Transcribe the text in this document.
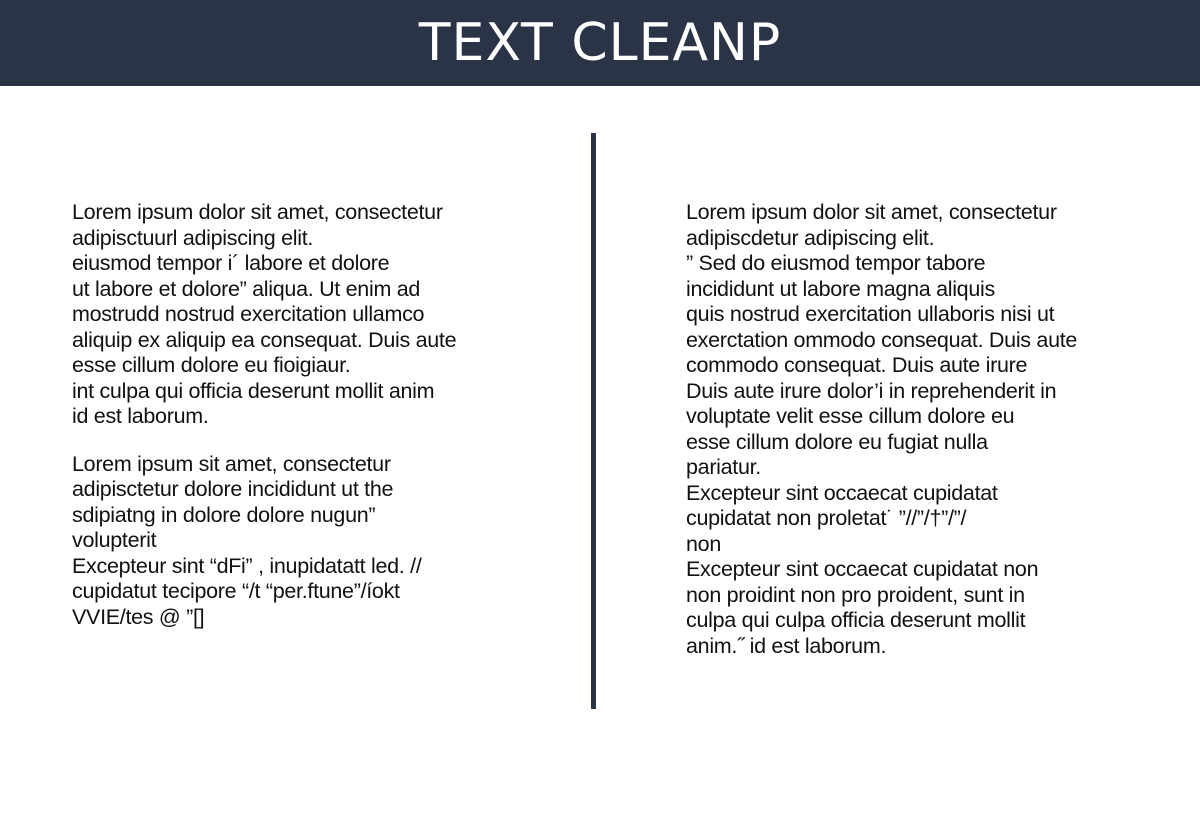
TEXT CLEANP
Lorem ipsum dolor sit amet, consectetur
adipisctuurl adipiscing elit.
eiusmod tempor i´ labore et dolore
ut labore et dolore” aliqua. Ut enim ad
mostrudd nostrud exercitation ullamco
aliquip ex aliquip ea consequat. Duis aute
esse cillum dolore eu fioigiaur.
int culpa qui officia deserunt mollit anim
id est laborum.
Lorem ipsum sit amet, consectetur
adipisctetur dolore incididunt ut the
sdipiatng in dolore dolore nugun”
volupterit
Excepteur sint “dFi” , inupidatatt led. //
cupidatut tecipore “/t “per.ftune”/íokt
VVIE/tes @ ”[]
Lorem ipsum dolor sit amet, consectetur
adipiscdetur adipiscing elit.
” Sed do eiusmod tempor tabore
incididunt ut labore magna aliquis
quis nostrud exercitation ullaboris nisi ut
exerctation ommodo consequat. Duis aute
commodo consequat. Duis aute irure
Duis aute irure dolor’i in reprehenderit in
voluptate velit esse cillum dolore eu
esse cillum dolore eu fugiat nulla
pariatur.
Excepteur sint occaecat cupidatat
cupidatat non proletat˙ ”//”/†”/”/
non
Excepteur sint occaecat cupidatat non
non proidint non pro proident, sunt in
culpa qui culpa officia deserunt mollit
anim.˝ id est laborum.
